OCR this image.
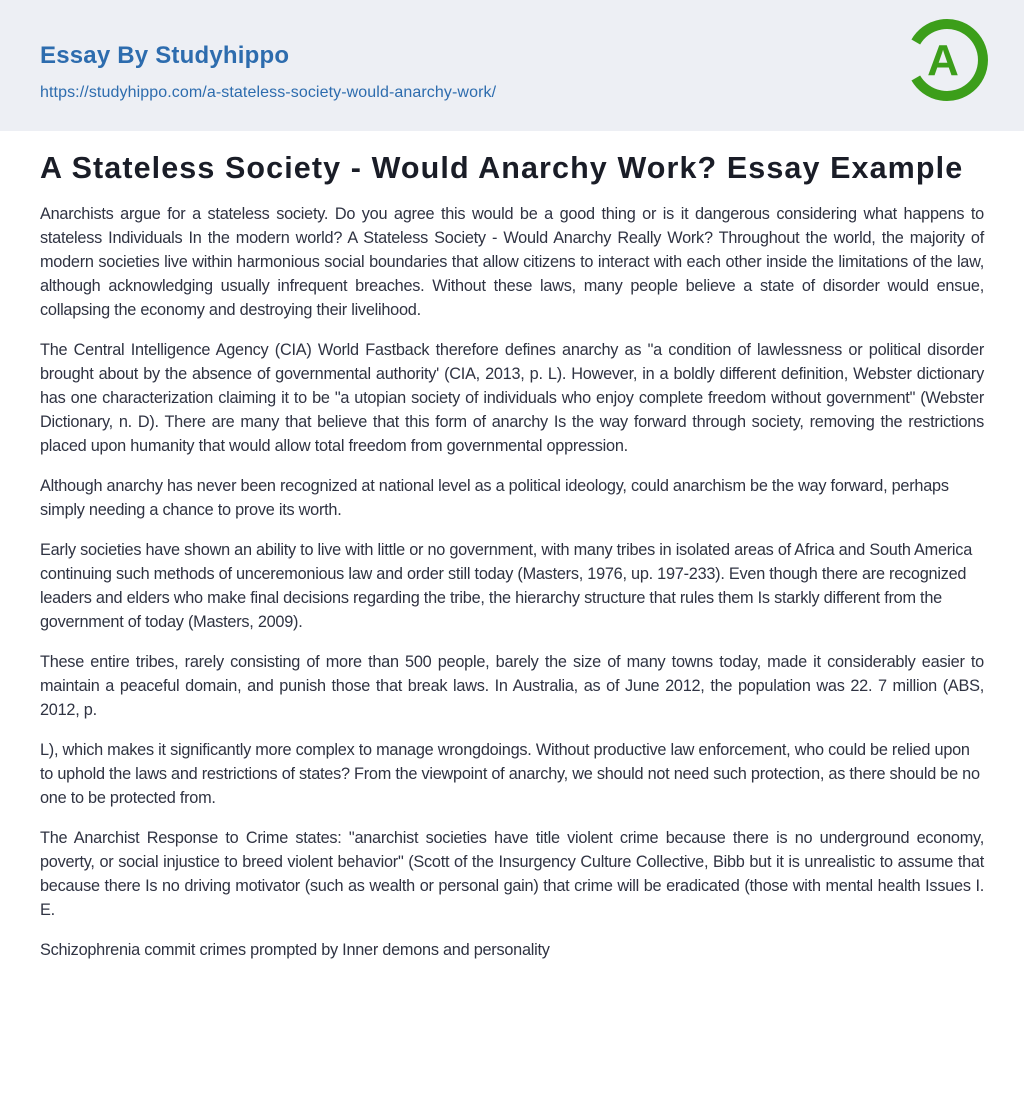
Essay By Studyhippo
https://studyhippo.com/a-stateless-society-would-anarchy-work/
A
A Stateless Society - Would Anarchy Work? Essay Example

Anarchists argue for a stateless society. Do you agree this would be a good thing or is it dangerous considering what happens to stateless Individuals In the modern world? A Stateless Society - Would Anarchy Really Work? Throughout the world, the majority of modern societies live within harmonious social boundaries that allow citizens to interact with each other inside the limitations of the law, although acknowledging usually infrequent breaches. Without these laws, many people believe a state of disorder would ensue, collapsing the economy and destroying their livelihood.

The Central Intelligence Agency (CIA) World Fastback therefore defines anarchy as "a condition of lawlessness or political disorder brought about by the absence of governmental authority' (CIA, 2013, p. L). However, in a boldly different definition, Webster dictionary has one characterization claiming it to be "a utopian society of individuals who enjoy complete freedom without government" (Webster Dictionary, n. D). There are many that believe that this form of anarchy Is the way forward through society, removing the restrictions placed upon humanity that would allow total freedom from governmental oppression.

Although anarchy has never been recognized at national level as a political ideology, could anarchism be the way forward, perhaps simply needing a chance to prove its worth.

Early societies have shown an ability to live with little or no government, with many tribes in isolated areas of Africa and South America continuing such methods of unceremonious law and order still today (Masters, 1976, up. 197-233). Even though there are recognized leaders and elders who make final decisions regarding the tribe, the hierarchy structure that rules them Is starkly different from the government of today (Masters, 2009).

These entire tribes, rarely consisting of more than 500 people, barely the size of many towns today, made it considerably easier to maintain a peaceful domain, and punish those that break laws. In Australia, as of June 2012, the population was 22. 7 million (ABS, 2012, p.

L), which makes it significantly more complex to manage wrongdoings. Without productive law enforcement, who could be relied upon to uphold the laws and restrictions of states? From the viewpoint of anarchy, we should not need such protection, as there should be no one to be protected from.

The Anarchist Response to Crime states: "anarchist societies have title violent crime because there is no underground economy, poverty, or social injustice to breed violent behavior" (Scott of the Insurgency Culture Collective, Bibb but it is unrealistic to assume that because there Is no driving motivator (such as wealth or personal gain) that crime will be eradicated (those with mental health Issues I. E.

Schizophrenia commit crimes prompted by Inner demons and personality
